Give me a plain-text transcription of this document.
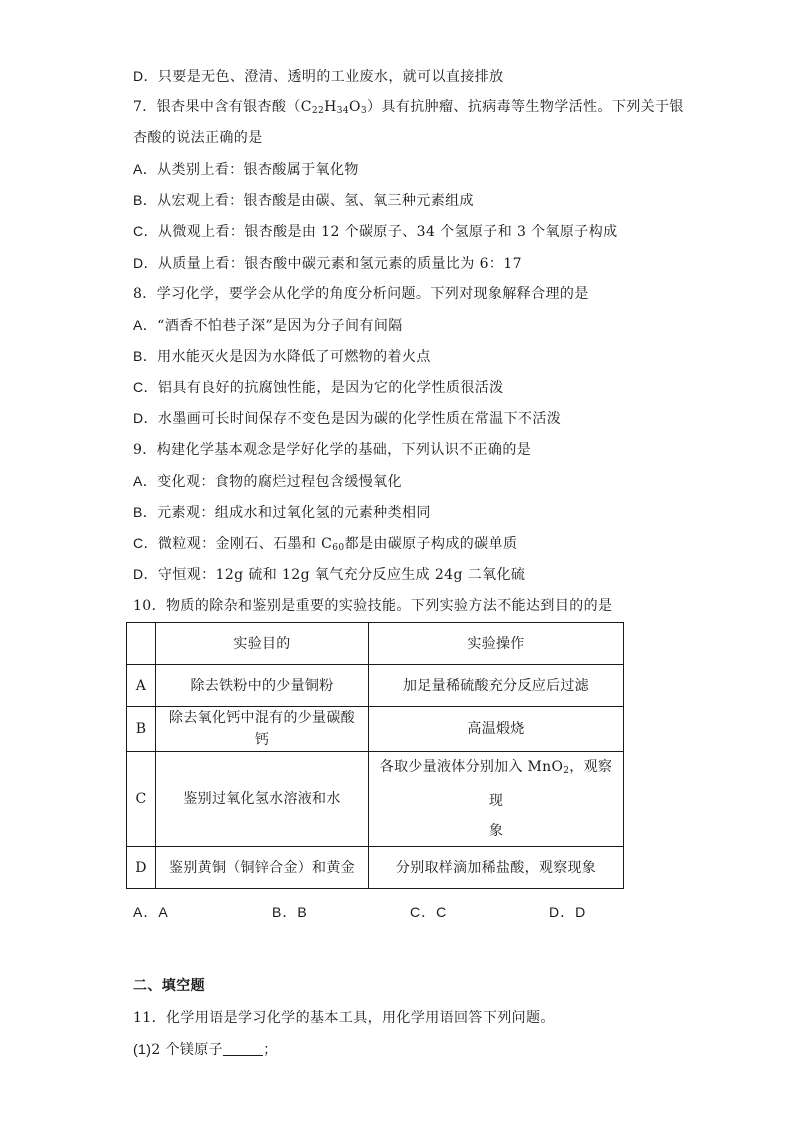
D．只要是无色、澄清、透明的工业废水，就可以直接排放
7．银杏果中含有银杏酸$(C_{22}H_{34}O_3)$具有抗肿瘤、抗病毒等生物学活性。下列关于银
杏酸的说法正确的是
A．从类别上看：银杏酸属于氧化物
B．从宏观上看：银杏酸是由碳、氢、氧三种元素组成
C．从微观上看：银杏酸是由 12 个碳原子、34 个氢原子和 3 个氧原子构成
D．从质量上看：银杏酸中碳元素和氢元素的质量比为 6：17
8．学习化学，要学会从化学的角度分析问题。下列对现象解释合理的是
A．“酒香不怕巷子深”是因为分子间有间隔
B．用水能灭火是因为水降低了可燃物的着火点
C．铝具有良好的抗腐蚀性能，是因为它的化学性质很活泼
D．水墨画可长时间保存不变色是因为碳的化学性质在常温下不活泼
9．构建化学基本观念是学好化学的基础，下列认识不正确的是
A．变化观：食物的腐烂过程包含缓慢氧化
B．元素观：组成水和过氧化氢的元素种类相同
C．微粒观：金刚石、石墨和 $C_{60}$都是由碳原子构成的碳单质
D．守恒观：12g 硫和 12g 氧气充分反应生成 24g 二氧化硫
10．物质的除杂和鉴别是重要的实验技能。下列实验方法不能达到目的的是
	实验目的	实验操作
A	除去铁粉中的少量铜粉	加足量稀硫酸充分反应后过滤
B	除去氧化钙中混有的少量碳酸钙	高温煅烧
C	鉴别过氧化氢水溶液和水	各取少量液体分别加入 MnO$_2$，观察现
象
D	鉴别黄铜（铜锌合金）和黄金	分别取样滴加稀盐酸，观察现象
A．A	B．B	C．C	D．D
二、填空题
11．化学用语是学习化学的基本工具，用化学用语回答下列问题。
(1)2 个镁原子	；
